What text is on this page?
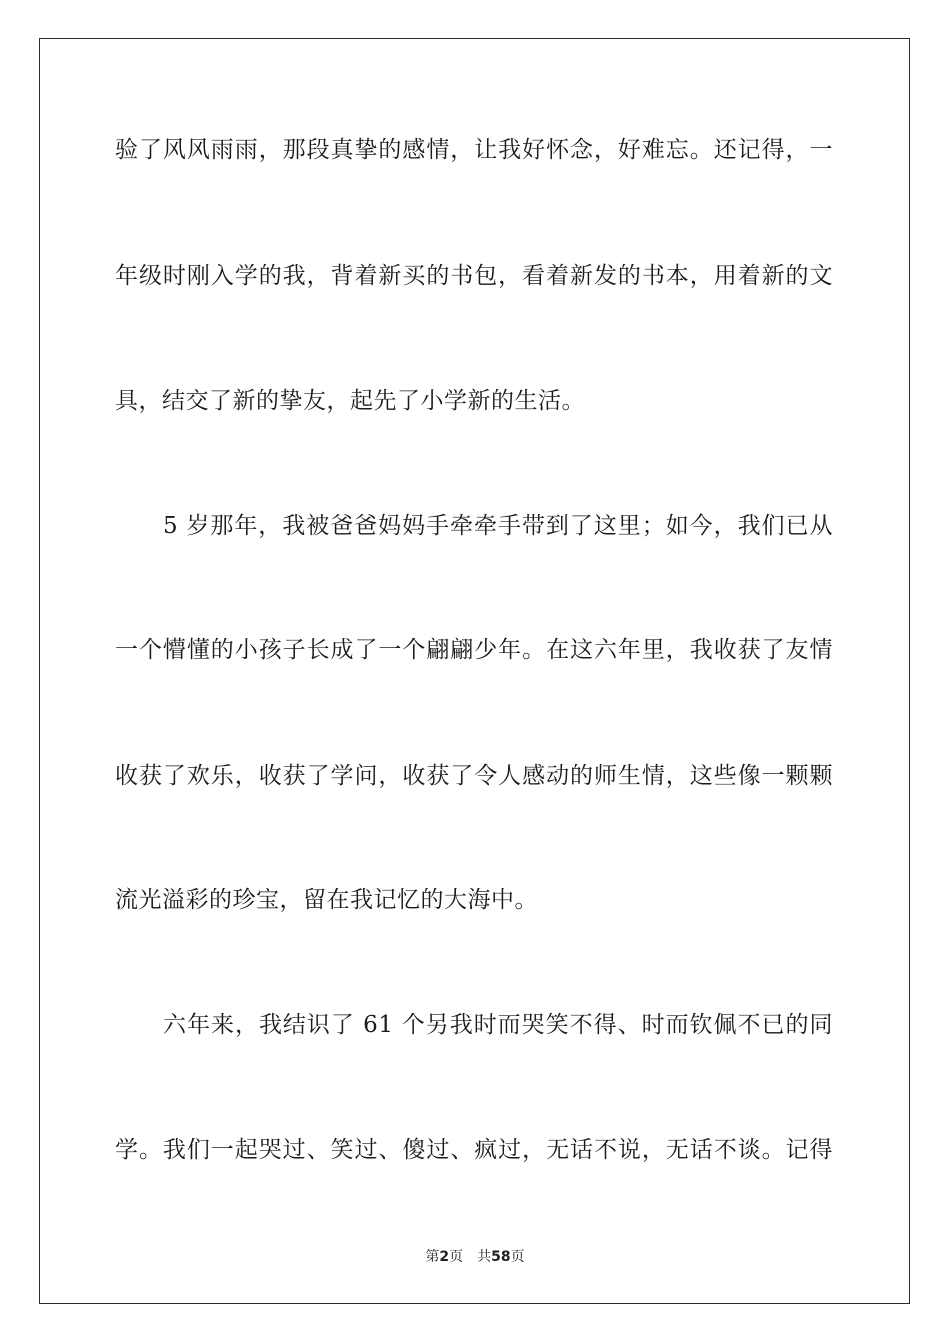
验了风风雨雨，那段真挚的感情，让我好怀念，好难忘。还记得，一
年级时刚入学的我，背着新买的书包，看着新发的书本，用着新的文
具，结交了新的挚友，起先了小学新的生活。
5 岁那年，我被爸爸妈妈手牵牵手带到了这里；如今，我们已从
一个懵懂的小孩子长成了一个翩翩少年。在这六年里，我收获了友情
收获了欢乐，收获了学问，收获了令人感动的师生情，这些像一颗颗
流光溢彩的珍宝，留在我记忆的大海中。
六年来，我结识了 61 个另我时而哭笑不得、时而钦佩不已的同
学。我们一起哭过、笑过、傻过、疯过，无话不说，无话不谈。记得
第2页 共58页
